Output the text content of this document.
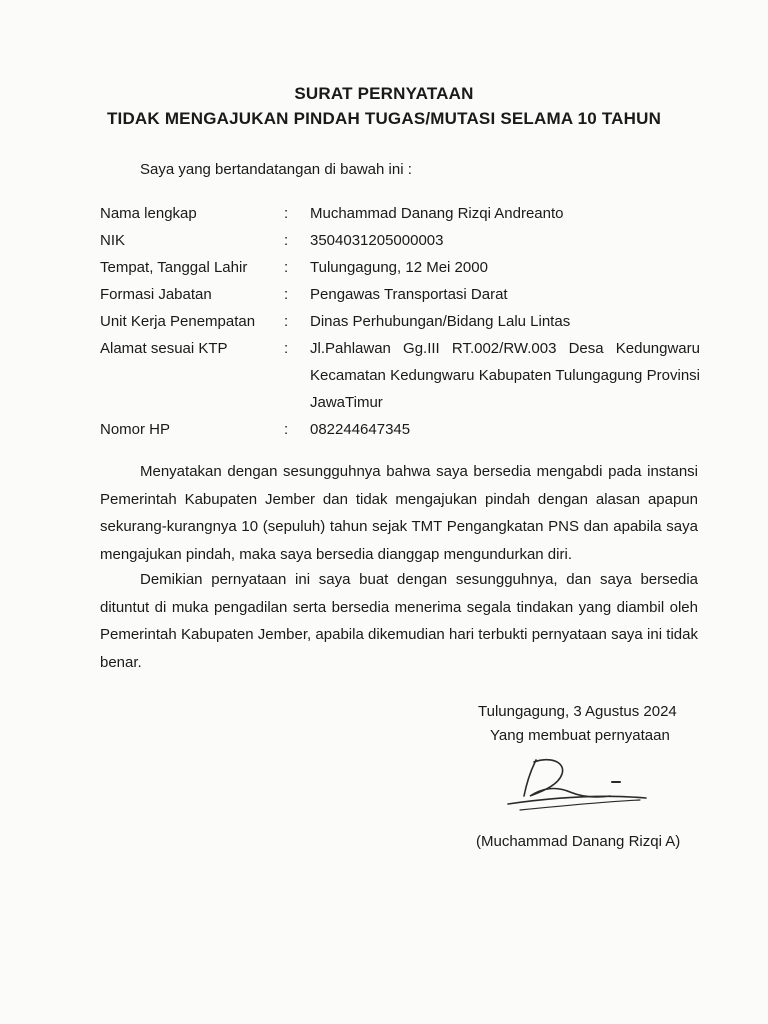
SURAT PERNYATAAN
TIDAK MENGAJUKAN PINDAH TUGAS/MUTASI SELAMA 10 TAHUN
Saya yang bertandatangan di bawah ini :
Nama lengkap	:	Muchammad Danang Rizqi Andreanto
NIK	:	3504031205000003
Tempat, Tanggal Lahir	:	Tulungagung, 12 Mei 2000
Formasi Jabatan	:	Pengawas Transportasi Darat
Unit Kerja Penempatan	:	Dinas Perhubungan/Bidang Lalu Lintas
Alamat sesuai KTP	:	Jl.Pahlawan Gg.III RT.002/RW.003 Desa Kedungwaru Kecamatan Kedungwaru Kabupaten Tulungagung Provinsi JawaTimur
Nomor HP	:	082244647345

Menyatakan dengan sesungguhnya bahwa saya bersedia mengabdi pada instansi Pemerintah Kabupaten Jember dan tidak mengajukan pindah dengan alasan apapun sekurang-kurangnya 10 (sepuluh) tahun sejak TMT Pengangkatan PNS dan apabila saya mengajukan pindah, maka saya bersedia dianggap mengundurkan diri.

Demikian pernyataan ini saya buat dengan sesungguhnya, dan saya bersedia dituntut di muka pengadilan serta bersedia menerima segala tindakan yang diambil oleh Pemerintah Kabupaten Jember, apabila dikemudian hari terbukti pernyataan saya ini tidak benar.

Tulungagung, 3 Agustus 2024
Yang membuat pernyataan
(Muchammad Danang Rizqi A)
